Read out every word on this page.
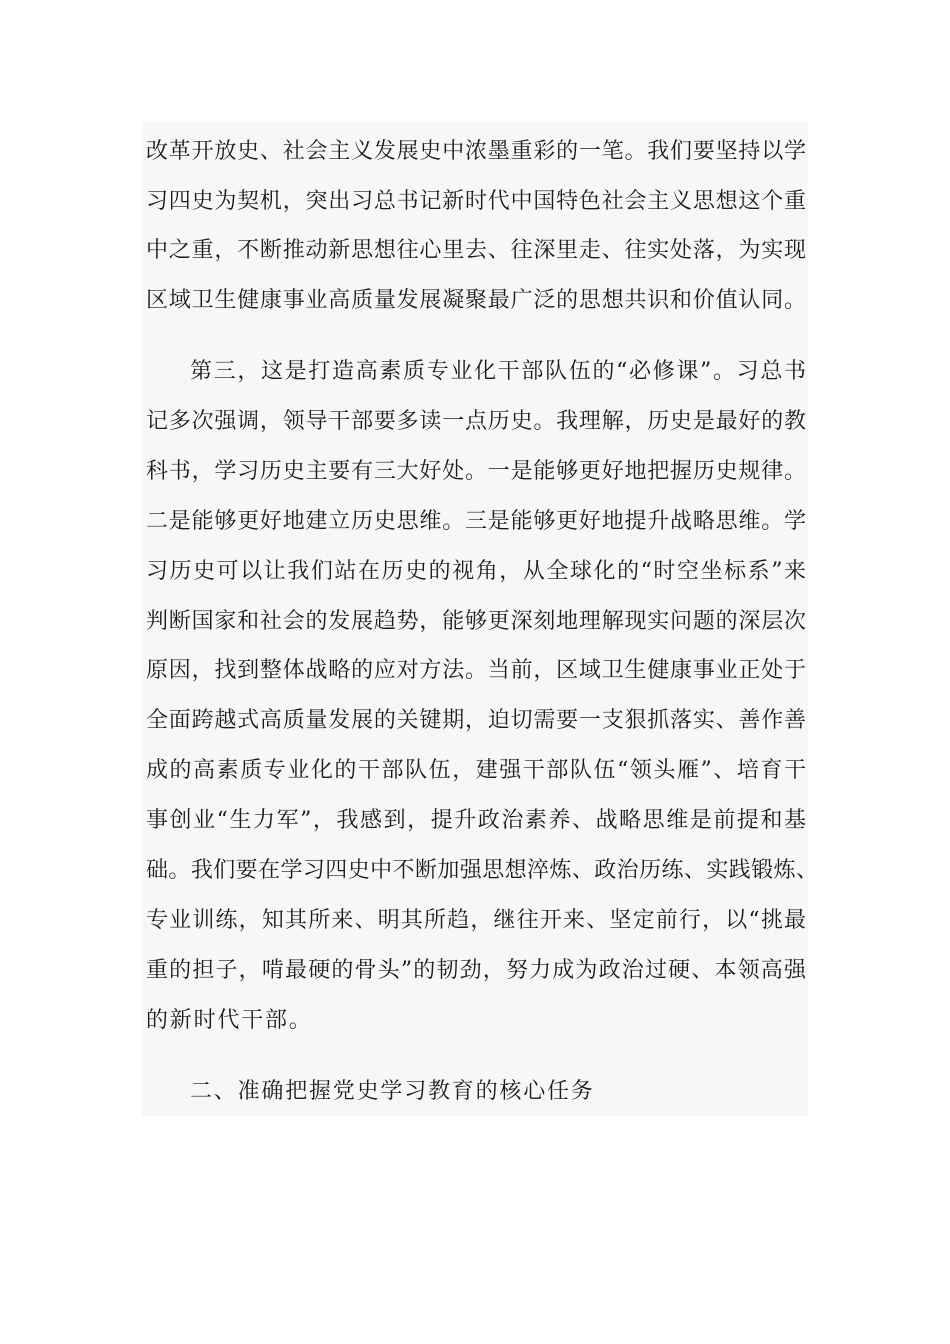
改革开放史、社会主义发展史中浓墨重彩的一笔。我们要坚持以学
习四史为契机，突出习总书记新时代中国特色社会主义思想这个重
中之重，不断推动新思想往心里去、往深里走、往实处落，为实现
区域卫生健康事业高质量发展凝聚最广泛的思想共识和价值认同。
第三，这是打造高素质专业化干部队伍的“必修课”。习总书
记多次强调，领导干部要多读一点历史。我理解，历史是最好的教
科书，学习历史主要有三大好处。一是能够更好地把握历史规律。
二是能够更好地建立历史思维。三是能够更好地提升战略思维。学
习历史可以让我们站在历史的视角，从全球化的“时空坐标系”来
判断国家和社会的发展趋势，能够更深刻地理解现实问题的深层次
原因，找到整体战略的应对方法。当前，区域卫生健康事业正处于
全面跨越式高质量发展的关键期，迫切需要一支狠抓落实、善作善
成的高素质专业化的干部队伍，建强干部队伍“领头雁”、培育干
事创业“生力军”，我感到，提升政治素养、战略思维是前提和基
础。我们要在学习四史中不断加强思想淬炼、政治历练、实践锻炼、
专业训练，知其所来、明其所趋，继往开来、坚定前行，以“挑最
重的担子，啃最硬的骨头”的韧劲，努力成为政治过硬、本领高强
的新时代干部。
二、准确把握党史学习教育的核心任务
